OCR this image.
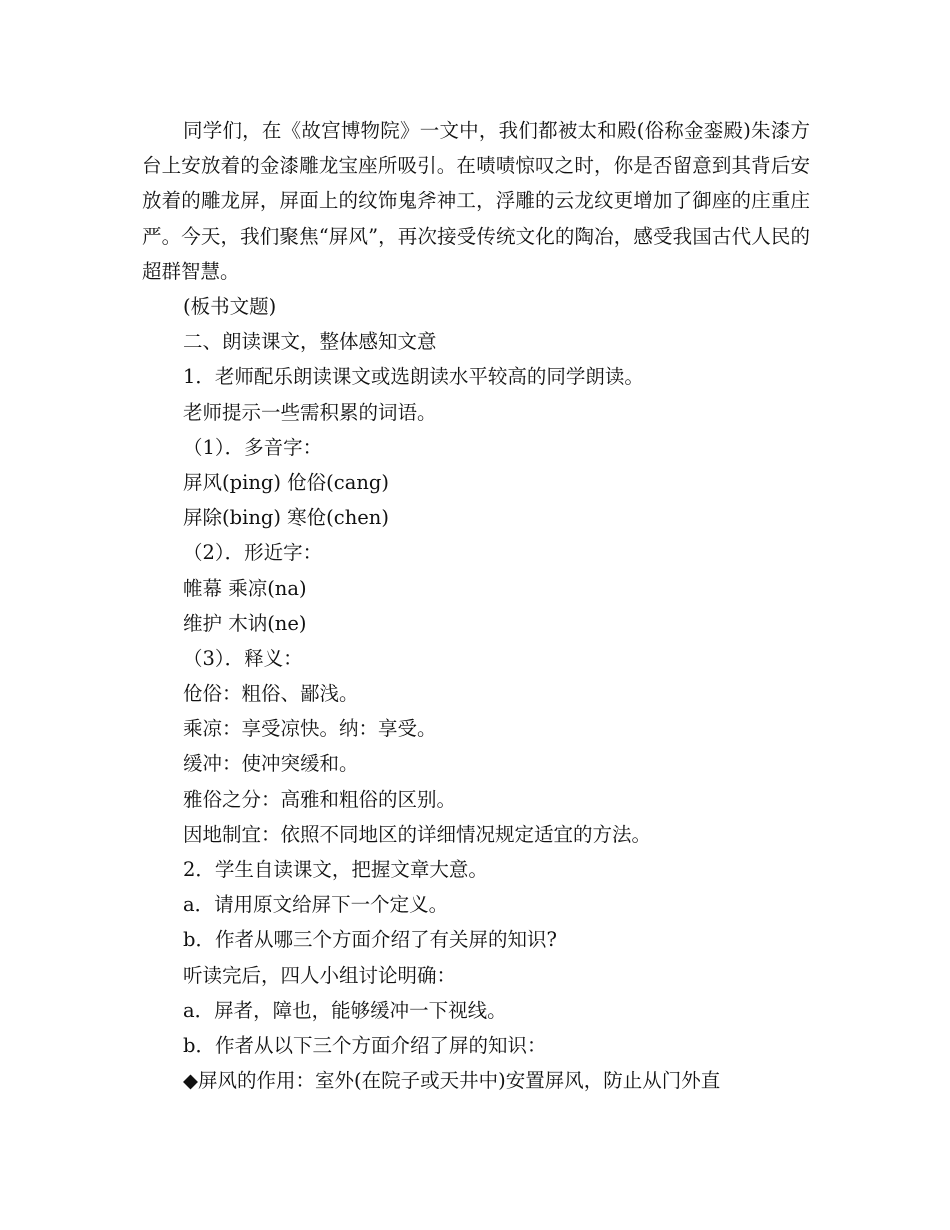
同学们，在《故宫博物院》一文中，我们都被太和殿(俗称金銮殿)朱漆方台上安放着的金漆雕龙宝座所吸引。在啧啧惊叹之时，你是否留意到其背后安放着的雕龙屏，屏面上的纹饰鬼斧神工，浮雕的云龙纹更增加了御座的庄重庄严。今天，我们聚焦“屏风”，再次接受传统文化的陶冶，感受我国古代人民的超群智慧。

(板书文题)
二、朗读课文，整体感知文意
1．老师配乐朗读课文或选朗读水平较高的同学朗读。
老师提示一些需积累的词语。
（1）．多音字：
屏风(ping) 伧俗(cang)
屏除(bing) 寒伧(chen)
（2）．形近字：
帷幕 乘凉(na)
维护 木讷(ne)
（3）．释义：
伧俗：粗俗、鄙浅。
乘凉：享受凉快。纳：享受。
缓冲：使冲突缓和。
雅俗之分：高雅和粗俗的区别。
因地制宜：依照不同地区的详细情况规定适宜的方法。
2．学生自读课文，把握文章大意。
a．请用原文给屏下一个定义。
b．作者从哪三个方面介绍了有关屏的知识?
听读完后，四人小组讨论明确：
a．屏者，障也，能够缓冲一下视线。
b．作者从以下三个方面介绍了屏的知识：
◆屏风的作用：室外(在院子或天井中)安置屏风，防止从门外直
